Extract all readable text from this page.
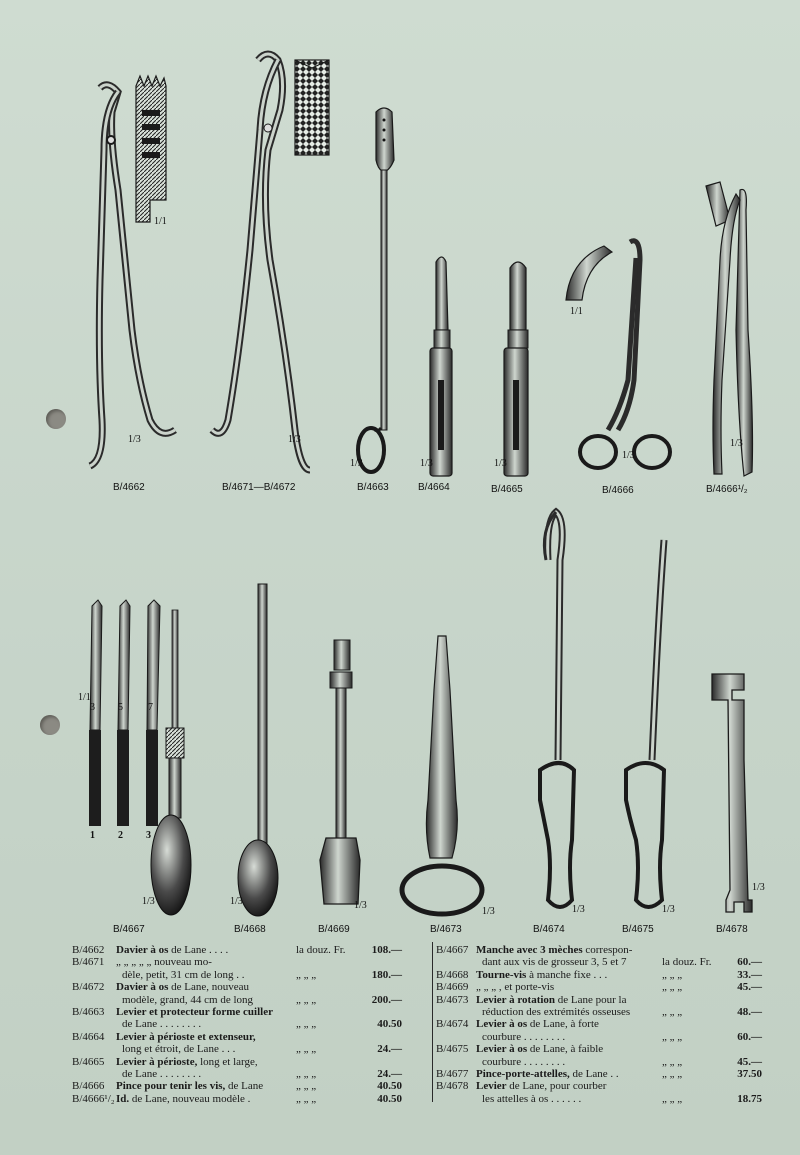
1/3	1/3
1/1
1/3	1/3	1/3
1/3
1/3
1/1
1/1
3 5	7
1 2 3
1/3	1/3	1/3
1/3	1/3	1/3
1/3
B/4662	B/4671—B/4672	B/4663	B/4664	B/4665	B/4666	B/4666¹/₂
B/4667	B/4668	B/4669	B/4673	B/4674	B/4675	B/4678
B/4662 Davier à os de Lane . . . .	la douz. Fr. 108.—
B/4671 „ „ „ „ „ nouveau mo-
dèle, petit, 31 cm de long . .	„ „ „	180.—
B/4672 Davier à os de Lane, nouveau
modèle, grand, 44 cm de long	„ „ „	200.—
B/4663 Levier et protecteur forme cuiller
de Lane . . . . . . . .	„ „ „	40.50
B/4664 Levier à périoste et extenseur,
long et étroit, de Lane . . .	„ „ „	24.—
B/4665 Levier à périoste, long et large,
de Lane . . . . . . . .	„ „ „	24.—
B/4666 Pince pour tenir les vis, de Lane	„ „ „	40.50
B/4666¹/₂ Id. de Lane, nouveau modèle .	„ „ „	40.50
B/4667 Manche avec 3 mèches correspon-
dant aux vis de grosseur 3, 5 et 7	la douz. Fr. 60.—
B/4668 Tourne-vis à manche fixe . . .	„ „ „	33.—
B/4669 „ „ „ , et porte-vis	„ „ „	45.—
B/4673 Levier à rotation de Lane pour la
réduction des extrémités osseuses	„ „ „	48.—
B/4674 Levier à os de Lane, à forte
courbure . . . . . . . .	„ „ „	60.—
B/4675 Levier à os de Lane, à faible
courbure . . . . . . . .	„ „ „	45.—
B/4677 Pince-porte-attelles, de Lane . .	„ „ „	37.50
B/4678 Levier de Lane, pour courber
les attelles à os . . . . . .	„ „ „	18.75
